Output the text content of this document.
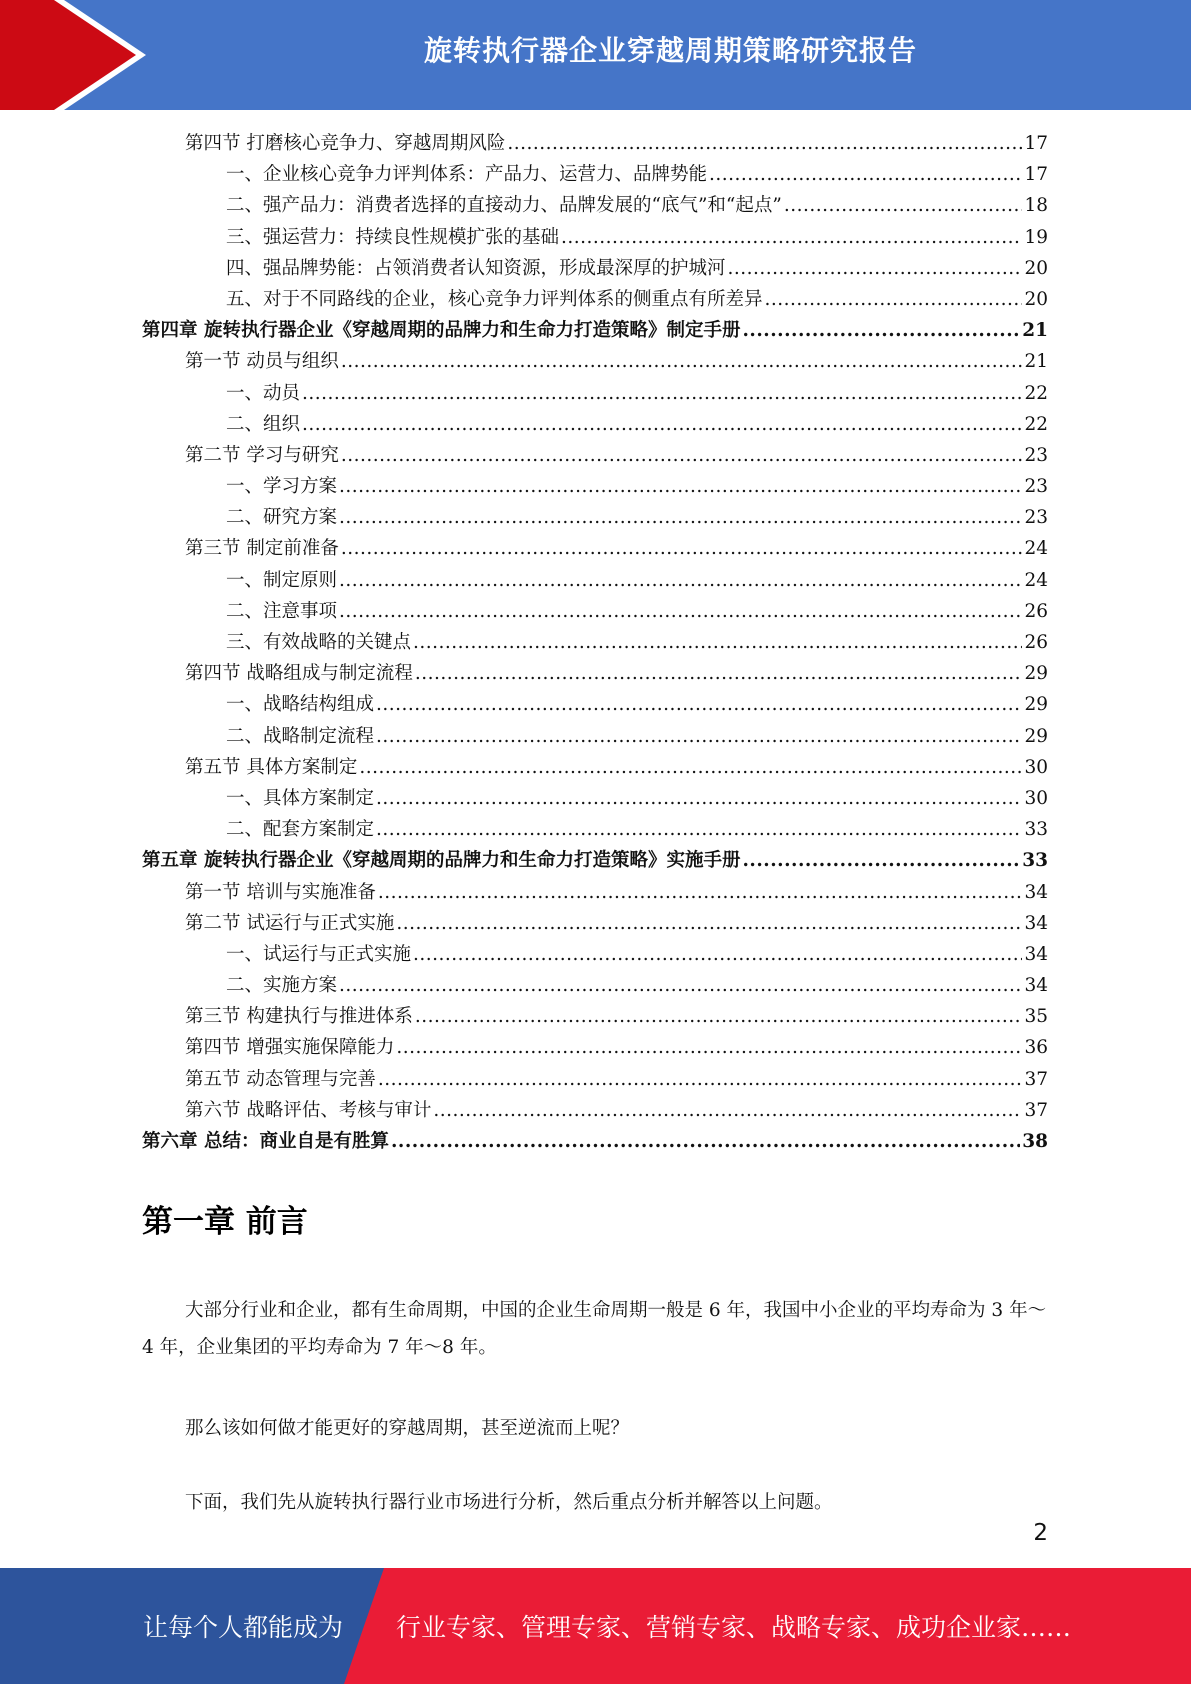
旋转执行器企业穿越周期策略研究报告
第四节 打磨核心竞争力、穿越周期风险 .....	17
一、企业核心竞争力评判体系：产品力、运营力、品牌势能 .....	17
二、强产品力：消费者选择的直接动力、品牌发展的“底气”和“起点” .....	18
三、强运营力：持续良性规模扩张的基础 .....	19
四、强品牌势能：占领消费者认知资源，形成最深厚的护城河 .....	20
五、对于不同路线的企业，核心竞争力评判体系的侧重点有所差异 .....	20
第四章 旋转执行器企业《穿越周期的品牌力和生命力打造策略》制定手册 .....	21
第一节 动员与组织 .....	21
一、动员 .....	22
二、组织 .....	22
第二节 学习与研究 .....	23
一、学习方案 .....	23
二、研究方案 .....	23
第三节 制定前准备 .....	24
一、制定原则 .....	24
二、注意事项 .....	26
三、有效战略的关键点 .....	26
第四节 战略组成与制定流程 .....	29
一、战略结构组成 .....	29
二、战略制定流程 .....	29
第五节 具体方案制定 .....	30
一、具体方案制定 .....	30
二、配套方案制定 .....	33
第五章 旋转执行器企业《穿越周期的品牌力和生命力打造策略》实施手册 .....	33
第一节 培训与实施准备 .....	34
第二节 试运行与正式实施 .....	34
一、试运行与正式实施 .....	34
二、实施方案 .....	34
第三节 构建执行与推进体系 .....	35
第四节 增强实施保障能力 .....	36
第五节 动态管理与完善 .....	37
第六节 战略评估、考核与审计 .....	37
第六章 总结：商业自是有胜算 .....	38
第一章 前言

大部分行业和企业，都有生命周期，中国的企业生命周期一般是 6 年，我国中小企业的平均寿命为 3 年～4 年，企业集团的平均寿命为 7 年～8 年。

那么该如何做才能更好的穿越周期，甚至逆流而上呢？

下面，我们先从旋转执行器行业市场进行分析，然后重点分析并解答以上问题。

2
让每个人都能成为 行业专家、管理专家、营销专家、战略专家、成功企业家……
